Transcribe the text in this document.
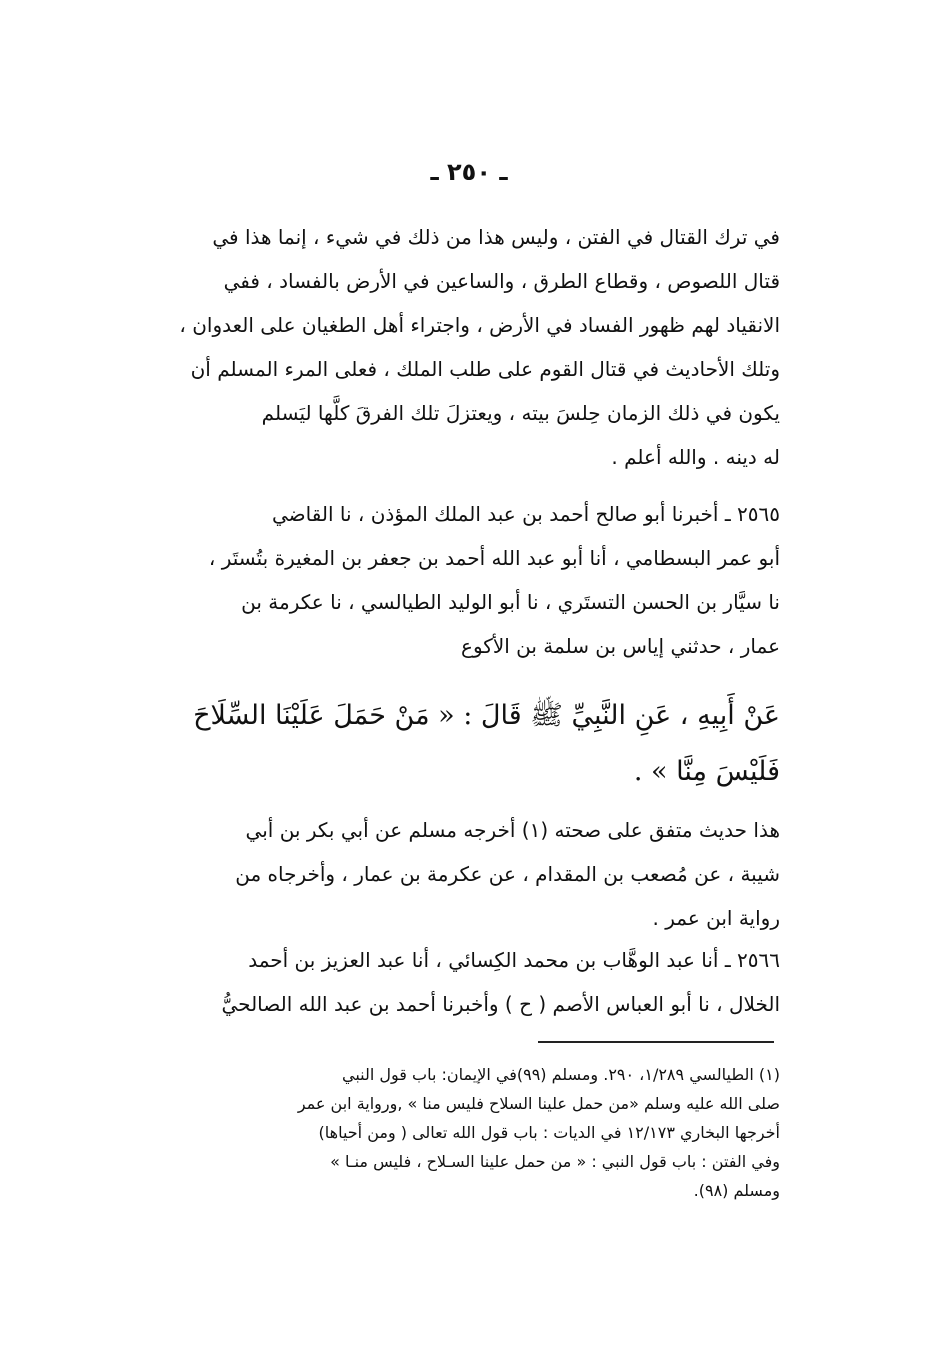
ـ ٢٥٠ ـ
في ترك القتال في الفتن ، وليس هذا من ذلك في شيء ، إنما هذا في
قتال اللصوص ، وقطاع الطرق ، والساعين في الأرض بالفساد ، ففي
الانقياد لهم ظهور الفساد في الأرض ، واجتراء أهل الطغيان على العدوان ،
وتلك الأحاديث في قتال القوم على طلب الملك ، فعلى المرء المسلم أن
يكون في ذلك الزمان حِلسَ بيته ، ويعتزلَ تلك الفرقَ كلَّها ليَسلم
له دينه . والله أعلم .
٢٥٦٥ ـ أخبرنا أبو صالح أحمد بن عبد الملك المؤذن ، نا القاضي
أبو عمر البسطامي ، أنا أبو عبد الله أحمد بن جعفر بن المغيرة بتُستَر ،
نا سيَّار بن الحسن التستَري ، نا أبو الوليد الطيالسي ، نا عكرمة بن
عمار ، حدثني إياس بن سلمة بن الأكوع
عَنْ أَبِيهِ ، عَنِ النَّبِيِّ ﷺ قَالَ : « مَنْ حَمَلَ عَلَيْنَا السِّلَاحَ
فَلَيْسَ مِنَّا » .
هذا حديث متفق على صحته (١) أخرجه مسلم عن أبي بكر بن أبي
شيبة ، عن مُصعب بن المقدام ، عن عكرمة بن عمار ، وأخرجاه من
رواية ابن عمر .
٢٥٦٦ ـ أنا عبد الوهَّاب بن محمد الكِسائي ، أنا عبد العزيز بن أحمد
الخلال ، نا أبو العباس الأصم ( ح ) وأخبرنا أحمد بن عبد الله الصالحيُّ
(١) الطيالسي ١/٢٨٩، ٢٩٠. ومسلم (٩٩)في الإيمان: باب قول النبي
صلى الله عليه وسلم «من حمل علينا السلاح فليس منا » ,ورواية ابن عمر
أخرجها البخاري ١٢/١٧٣ في الديات : باب قول الله تعالى ( ومن أحياها)
وفي الفتن : باب قول النبي : « من حمل علينا السـلاح ، فليس منـا »
ومسلم (٩٨).
